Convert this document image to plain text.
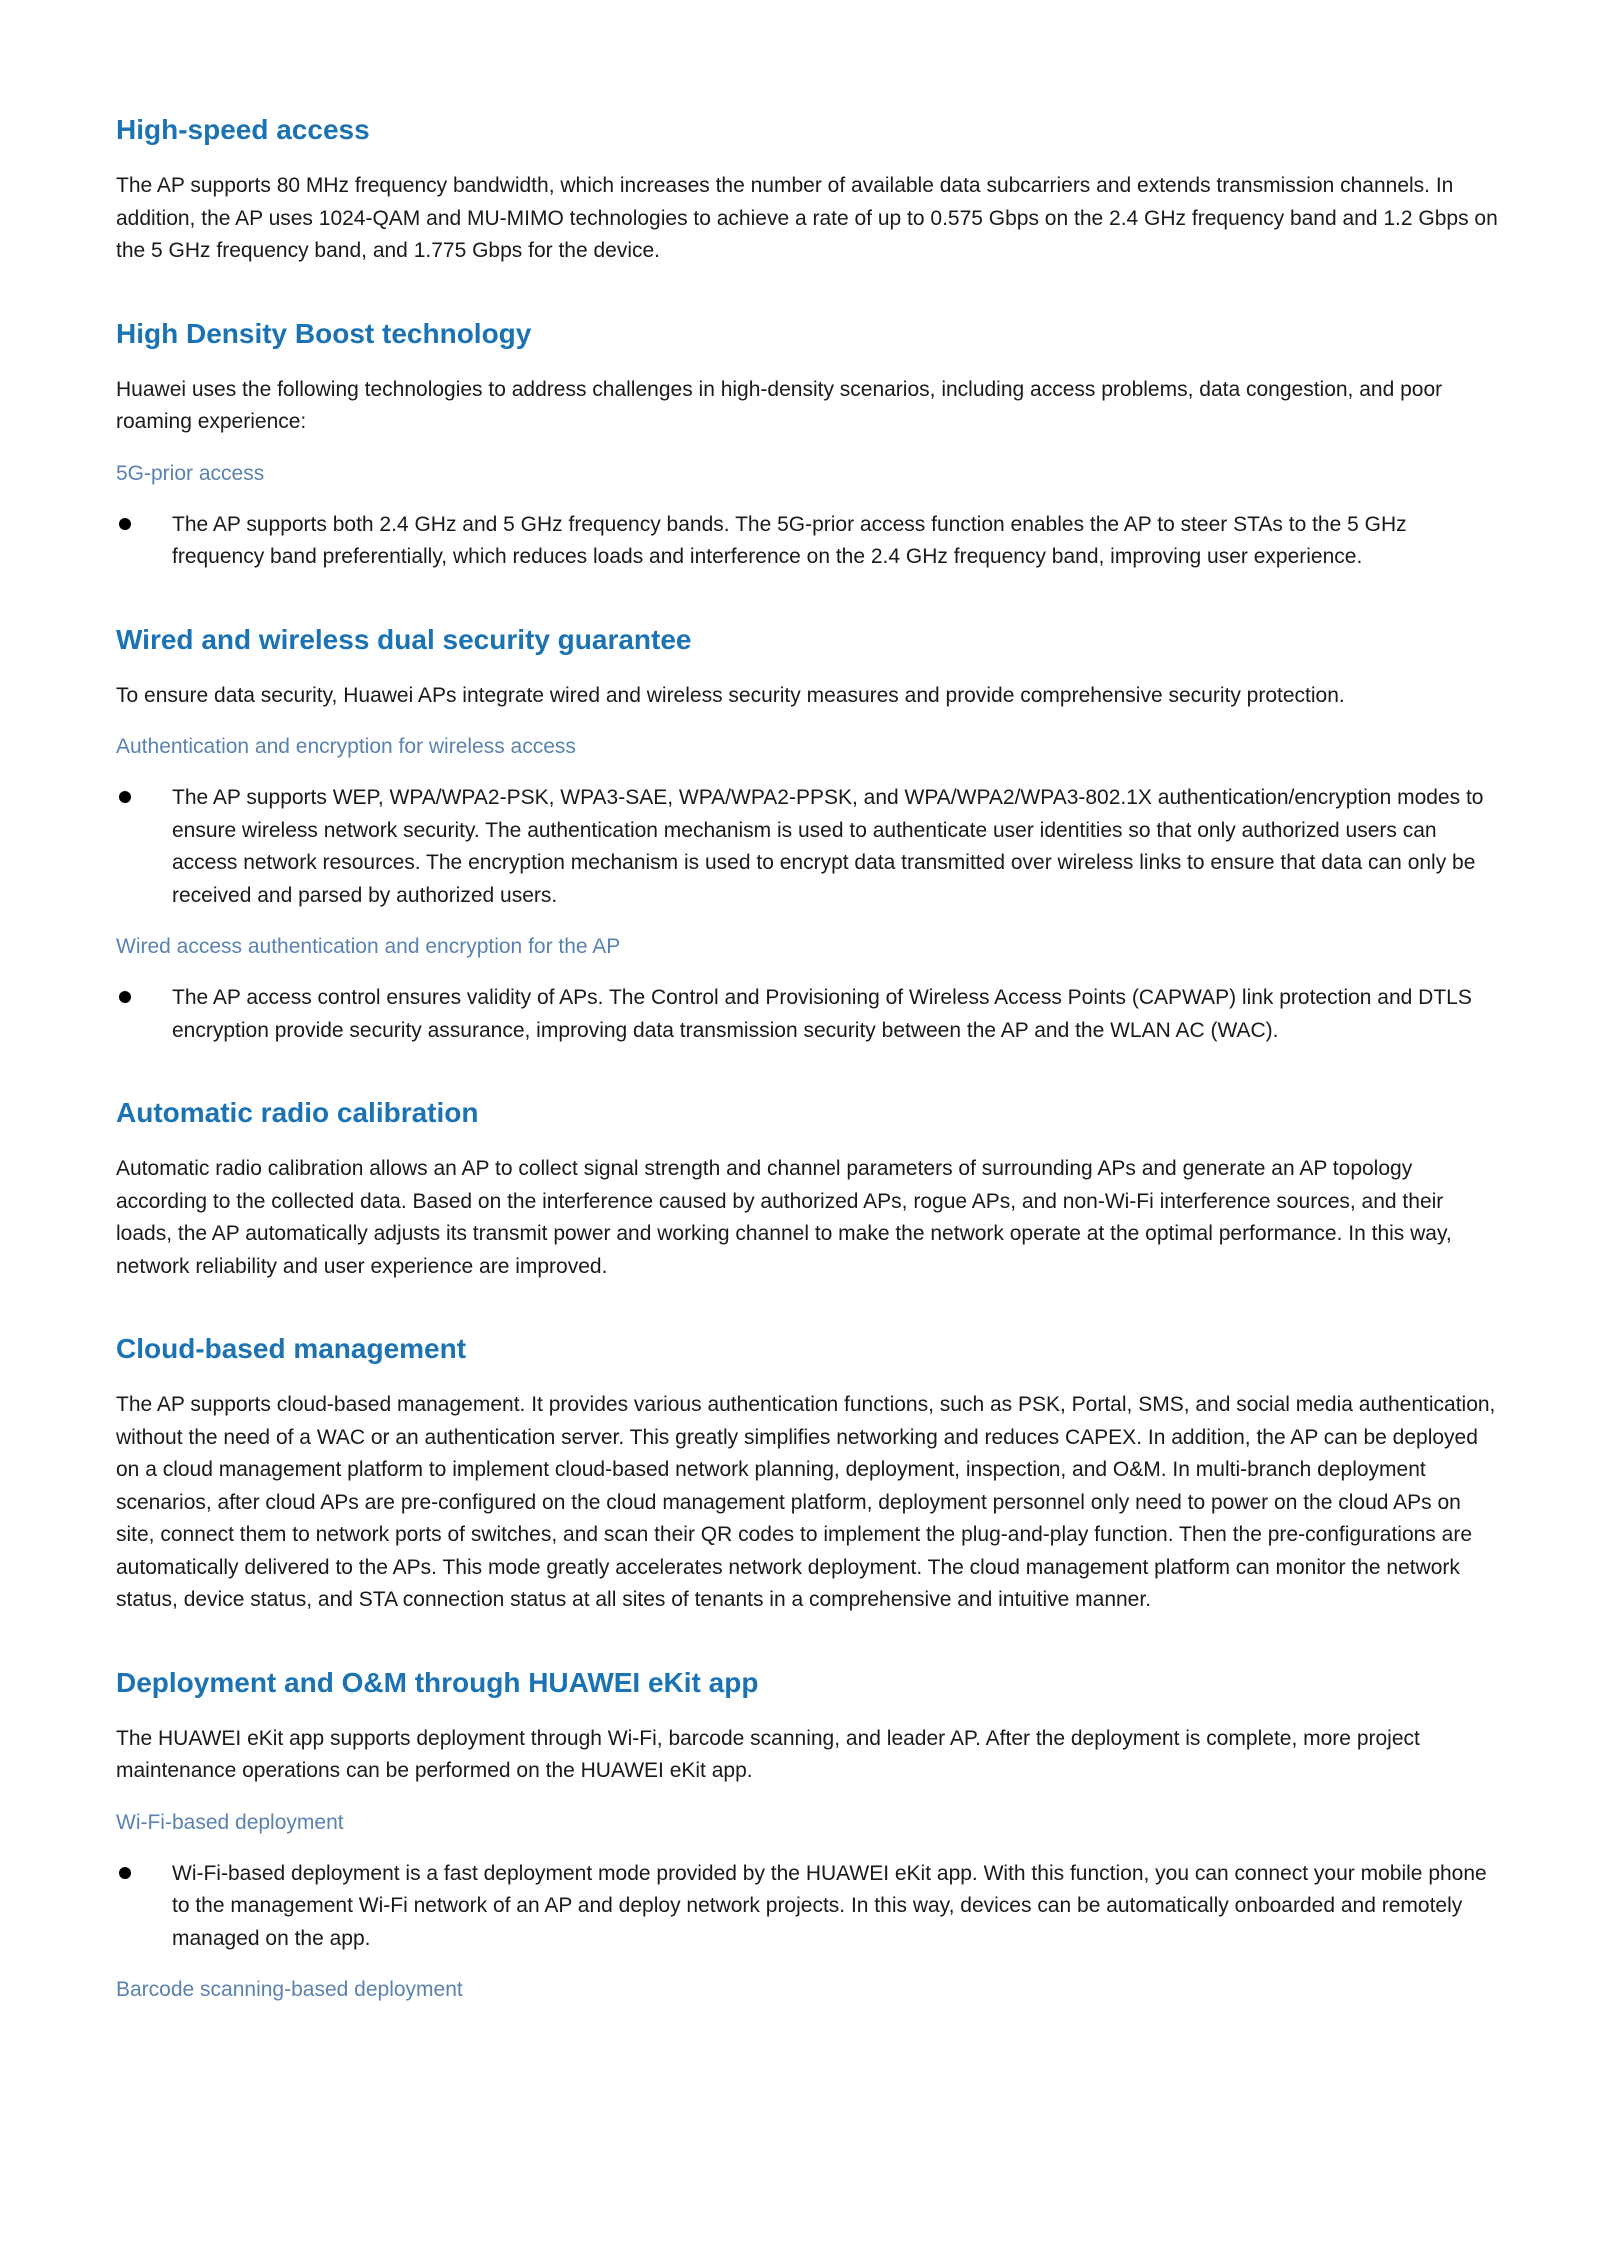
High-speed access

The AP supports 80 MHz frequency bandwidth, which increases the number of available data subcarriers and extends transmission channels. In addition, the AP uses 1024-QAM and MU-MIMO technologies to achieve a rate of up to 0.575 Gbps on the 2.4 GHz frequency band and 1.2 Gbps on the 5 GHz frequency band, and 1.775 Gbps for the device.

High Density Boost technology

Huawei uses the following technologies to address challenges in high-density scenarios, including access problems, data congestion, and poor roaming experience:

5G-prior access
The AP supports both 2.4 GHz and 5 GHz frequency bands. The 5G-prior access function enables the AP to steer STAs to the 5 GHz frequency band preferentially, which reduces loads and interference on the 2.4 GHz frequency band, improving user experience.
Wired and wireless dual security guarantee

To ensure data security, Huawei APs integrate wired and wireless security measures and provide comprehensive security protection.

Authentication and encryption for wireless access
The AP supports WEP, WPA/WPA2-PSK, WPA3-SAE, WPA/WPA2-PPSK, and WPA/WPA2/WPA3-802.1X authentication/encryption modes to ensure wireless network security. The authentication mechanism is used to authenticate user identities so that only authorized users can access network resources. The encryption mechanism is used to encrypt data transmitted over wireless links to ensure that data can only be received and parsed by authorized users.
Wired access authentication and encryption for the AP
The AP access control ensures validity of APs. The Control and Provisioning of Wireless Access Points (CAPWAP) link protection and DTLS encryption provide security assurance, improving data transmission security between the AP and the WLAN AC (WAC).
Automatic radio calibration

Automatic radio calibration allows an AP to collect signal strength and channel parameters of surrounding APs and generate an AP topology according to the collected data. Based on the interference caused by authorized APs, rogue APs, and non-Wi-Fi interference sources, and their loads, the AP automatically adjusts its transmit power and working channel to make the network operate at the optimal performance. In this way, network reliability and user experience are improved.

Cloud-based management

The AP supports cloud-based management. It provides various authentication functions, such as PSK, Portal, SMS, and social media authentication, without the need of a WAC or an authentication server. This greatly simplifies networking and reduces CAPEX. In addition, the AP can be deployed on a cloud management platform to implement cloud-based network planning, deployment, inspection, and O&M. In multi-branch deployment scenarios, after cloud APs are pre-configured on the cloud management platform, deployment personnel only need to power on the cloud APs on site, connect them to network ports of switches, and scan their QR codes to implement the plug-and-play function. Then the pre-configurations are automatically delivered to the APs. This mode greatly accelerates network deployment. The cloud management platform can monitor the network status, device status, and STA connection status at all sites of tenants in a comprehensive and intuitive manner.

Deployment and O&M through HUAWEI eKit app

The HUAWEI eKit app supports deployment through Wi-Fi, barcode scanning, and leader AP. After the deployment is complete, more project maintenance operations can be performed on the HUAWEI eKit app.

Wi-Fi-based deployment
Wi-Fi-based deployment is a fast deployment mode provided by the HUAWEI eKit app. With this function, you can connect your mobile phone to the management Wi-Fi network of an AP and deploy network projects. In this way, devices can be automatically onboarded and remotely managed on the app.
Barcode scanning-based deployment
